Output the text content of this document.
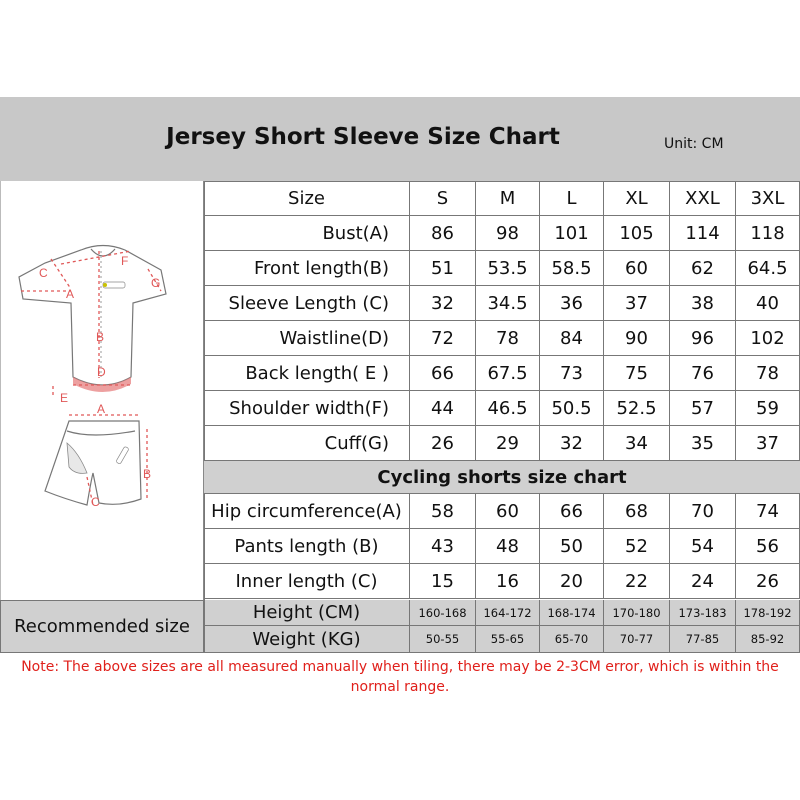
Jersey Short Sleeve Size Chart	Unit: CM
C
A
B
F
G
D
E
A
B
C
Size	S	M	L	XL	XXL	3XL
Bust(A)	86	98	101	105	114	118
Front length(B)	51	53.5	58.5	60	62	64.5
Sleeve Length (C)	32	34.5	36	37	38	40
Waistline(D)	72	78	84	90	96	102
Back length( E )	66	67.5	73	75	76	78
Shoulder width(F)	44	46.5	50.5	52.5	57	59
Cuff(G)	26	29	32	34	35	37
Hip circumference(A)	58	60	66	68	70	74
Pants length (B)	43	48	50	52	54	56
Inner length (C)	15	16	20	22	24	26
Height (CM)	160-168	164-172	168-174	170-180	173-183	178-192
Weight (KG)	50-55	55-65	65-70	70-77	77-85	85-92
Cycling shorts size chart
Recommended size
Note: The above sizes are all measured manually when tiling, there may be 2-3CM error, which is within the normal range.
